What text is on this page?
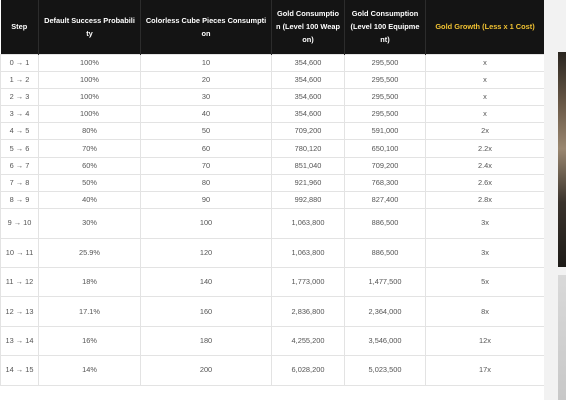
Step	Default Success Probability	Colorless Cube Pieces Consumption	Gold Consumption (Level 100 Weapon)	Gold Consumption (Level 100 Equipment)	Gold Growth (Less x 1 Cost)
0 → 1	100%	10	354,600	295,500	x
1 → 2	100%	20	354,600	295,500	x
2 → 3	100%	30	354,600	295,500	x
3 → 4	100%	40	354,600	295,500	x
4 → 5	80%	50	709,200	591,000	2x
5 → 6	70%	60	780,120	650,100	2.2x
6 → 7	60%	70	851,040	709,200	2.4x
7 → 8	50%	80	921,960	768,300	2.6x
8 → 9	40%	90	992,880	827,400	2.8x
9 → 10	30%	100	1,063,800	886,500	3x
10 → 11	25.9%	120	1,063,800	886,500	3x
11 → 12	18%	140	1,773,000	1,477,500	5x
12 → 13	17.1%	160	2,836,800	2,364,000	8x
13 → 14	16%	180	4,255,200	3,546,000	12x
14 → 15	14%	200	6,028,200	5,023,500	17x
